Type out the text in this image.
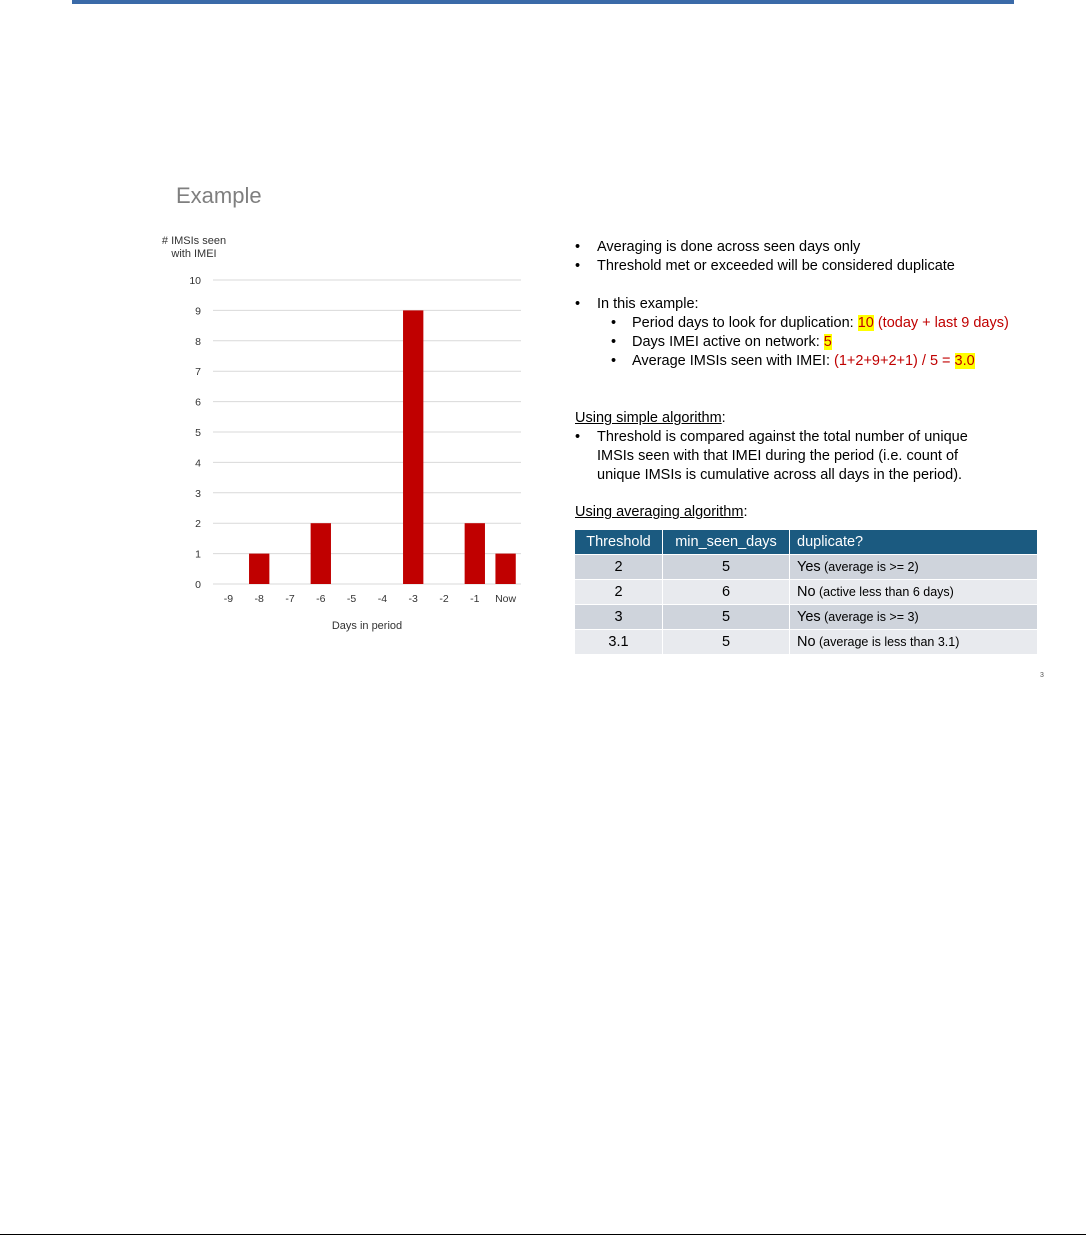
Example
# IMSIs seen
with IMEI
0
1
2
3
4
5
6
7
8
9
10
-9 -8 -7 -6 -5 -4 -3 -2 -1 Now
Days in period
• Averaging is done across seen days only
• Threshold met or exceeded will be considered duplicate
• In this example:
• Period days to look for duplication: 10 (today + last 9 days)
• Days IMEI active on network: 5
• Average IMSIs seen with IMEI: (1+2+9+2+1) / 5 = 3.0
Using simple algorithm:
• Threshold is compared against the total number of unique IMSIs seen with that IMEI during the period (i.e. count of unique IMSIs is cumulative across all days in the period).
Using averaging algorithm:
Threshold	min_seen_days	duplicate?
2	5	Yes (average is >= 2)
2	6	No (active less than 6 days)
3	5	Yes (average is >= 3)
3.1	5	No (average is less than 3.1)
3
